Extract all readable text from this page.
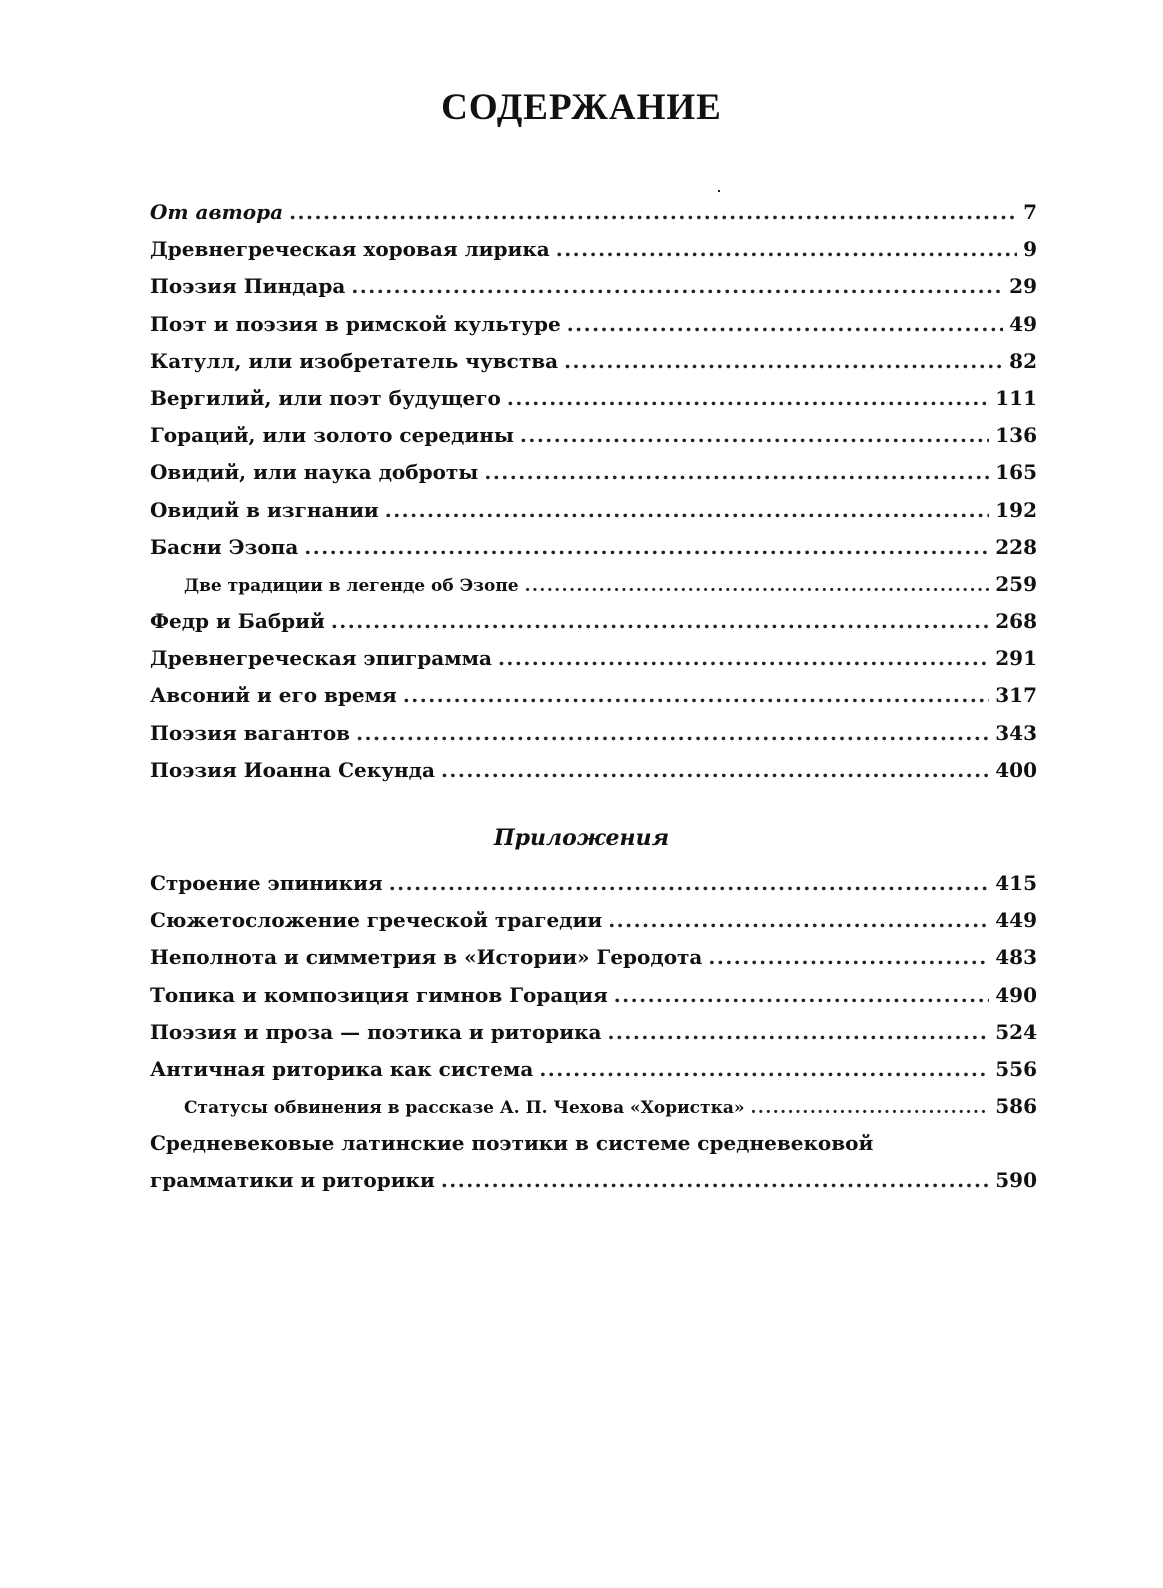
СОДЕРЖАНИЕ
От автора .....	7
Древнегреческая хоровая лирика .....	9
Поэзия Пиндара .....	29
Поэт и поэзия в римской культуре .....	49
Катулл, или изобретатель чувства .....	82
Вергилий, или поэт будущего .....	111
Гораций, или золото середины .....	136
Овидий, или наука доброты .....	165
Овидий в изгнании .....	192
Басни Эзопа .....	228
Две традиции в легенде об Эзопе .....	259
Федр и Бабрий .....	268
Древнегреческая эпиграмма .....	291
Авсоний и его время .....	317
Поэзия вагантов .....	343
Поэзия Иоанна Секунда .....	400
Приложения
Строение эпиникия .....	415
Сюжетосложение греческой трагедии .....	449
Неполнота и симметрия в «Истории» Геродота .....	483
Топика и композиция гимнов Горация .....	490
Поэзия и проза — поэтика и риторика .....	524
Античная риторика как система .....	556
Статусы обвинения в рассказе А. П. Чехова «Хористка» .....	586
Средневековые латинские поэтики в системе средневековой
грамматики и риторики .....	590
